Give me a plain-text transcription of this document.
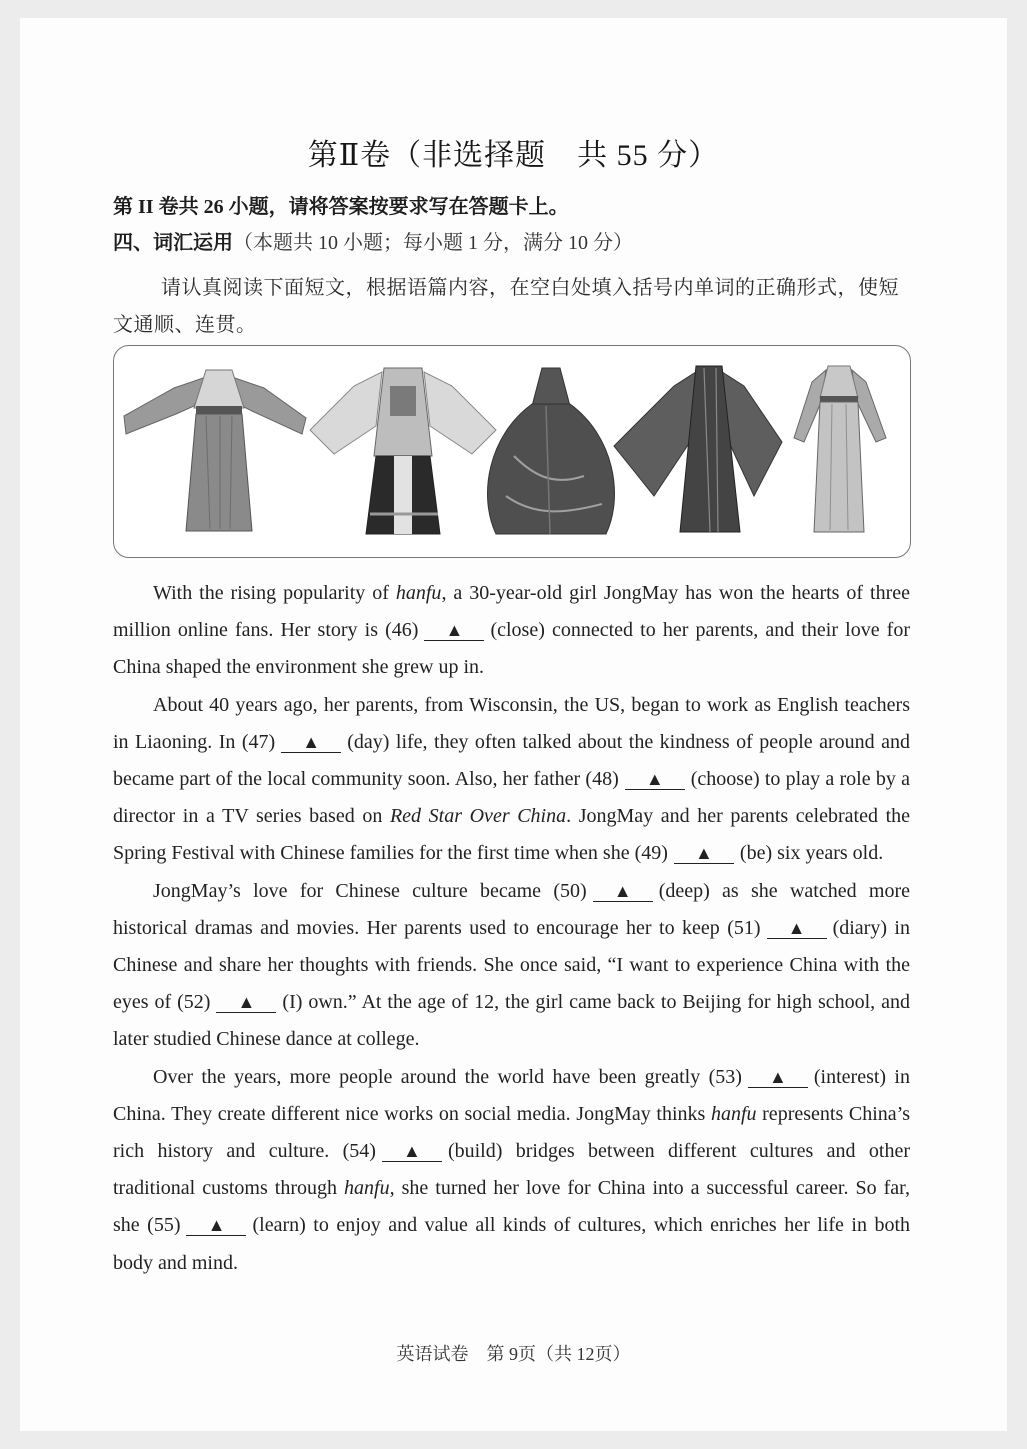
第Ⅱ卷（非选择题　共 55 分）
第 II 卷共 26 小题，请将答案按要求写在答题卡上。
四、词汇运用（本题共 10 小题；每小题 1 分，满分 10 分）
请认真阅读下面短文，根据语篇内容，在空白处填入括号内单词的正确形式，使短文通顺、连贯。

With the rising popularity of hanfu, a 30-year-old girl JongMay has won the hearts of three million online fans. Her story is (46) ▲ (close) connected to her parents, and their love for China shaped the environment she grew up in.

About 40 years ago, her parents, from Wisconsin, the US, began to work as English teachers in Liaoning. In (47) ▲ (day) life, they often talked about the kindness of people around and became part of the local community soon. Also, her father (48) ▲ (choose) to play a role by a director in a TV series based on Red Star Over China. JongMay and her parents celebrated the Spring Festival with Chinese families for the first time when she (49) ▲ (be) six years old.

JongMay’s love for Chinese culture became (50) ▲ (deep) as she watched more historical dramas and movies. Her parents used to encourage her to keep (51) ▲ (diary) in Chinese and share her thoughts with friends. She once said, “I want to experience China with the eyes of (52) ▲ (I) own.” At the age of 12, the girl came back to Beijing for high school, and later studied Chinese dance at college.

Over the years, more people around the world have been greatly (53) ▲ (interest) in China. They create different nice works on social media. JongMay thinks hanfu represents China’s rich history and culture. (54) ▲ (build) bridges between different cultures and other traditional customs through hanfu, she turned her love for China into a successful career. So far, she (55) ▲ (learn) to enjoy and value all kinds of cultures, which enriches her life in both body and mind.

英语试卷　第 9页（共 12页）
